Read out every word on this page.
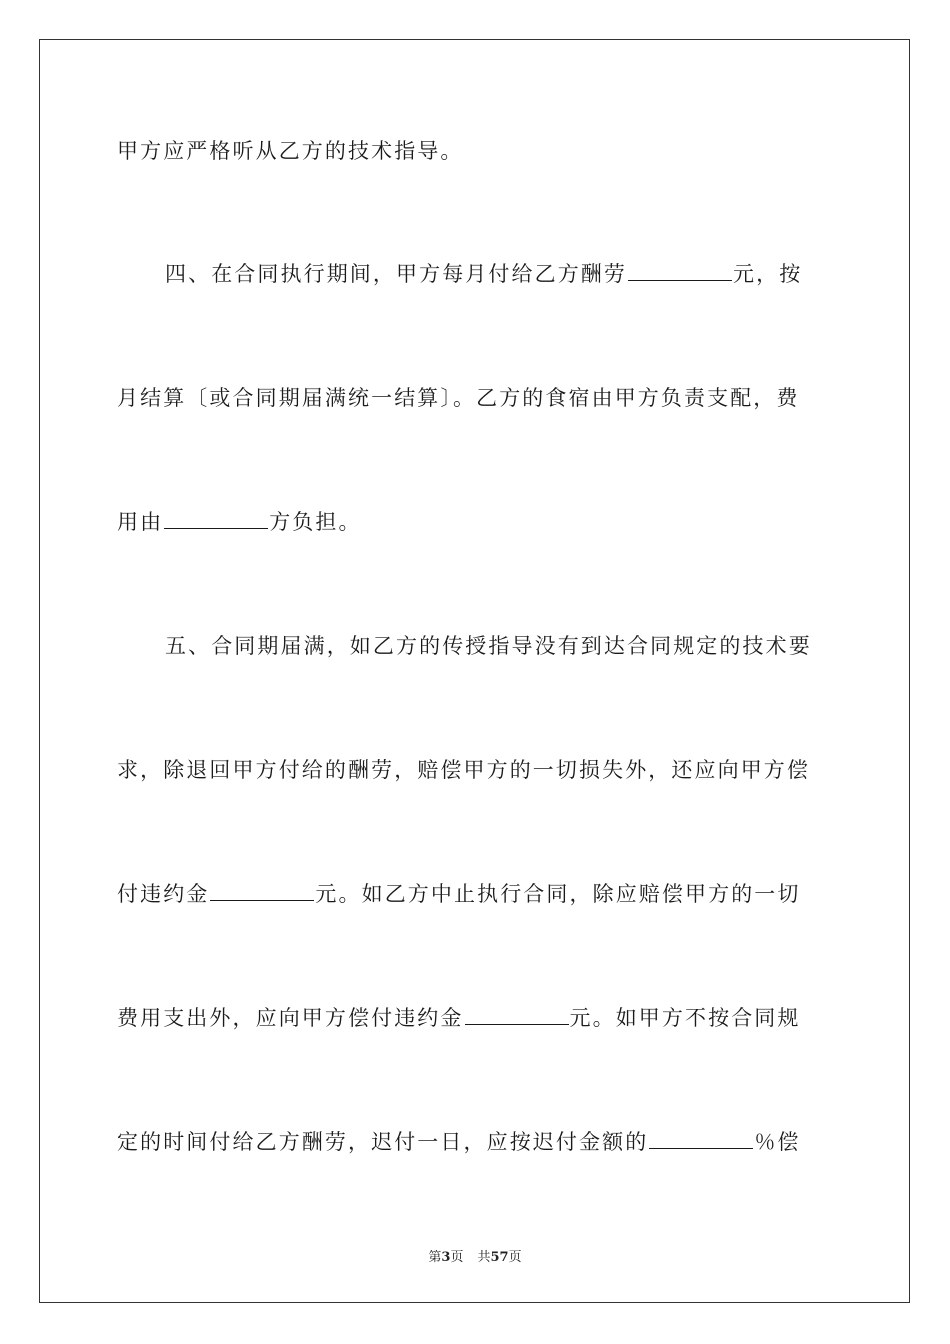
甲方应严格听从乙方的技术指导。
四、在合同执行期间，甲方每月付给乙方酬劳	元，按
月结算〔或合同期届满统一结算〕。乙方的食宿由甲方负责支配，费
用由	方负担。
五、合同期届满，如乙方的传授指导没有到达合同规定的技术要
求，除退回甲方付给的酬劳，赔偿甲方的一切损失外，还应向甲方偿
付违约金	元。如乙方中止执行合同，除应赔偿甲方的一切
费用支出外，应向甲方偿付违约金	元。如甲方不按合同规
定的时间付给乙方酬劳，迟付一日，应按迟付金额的	％偿
第3页 共57页
